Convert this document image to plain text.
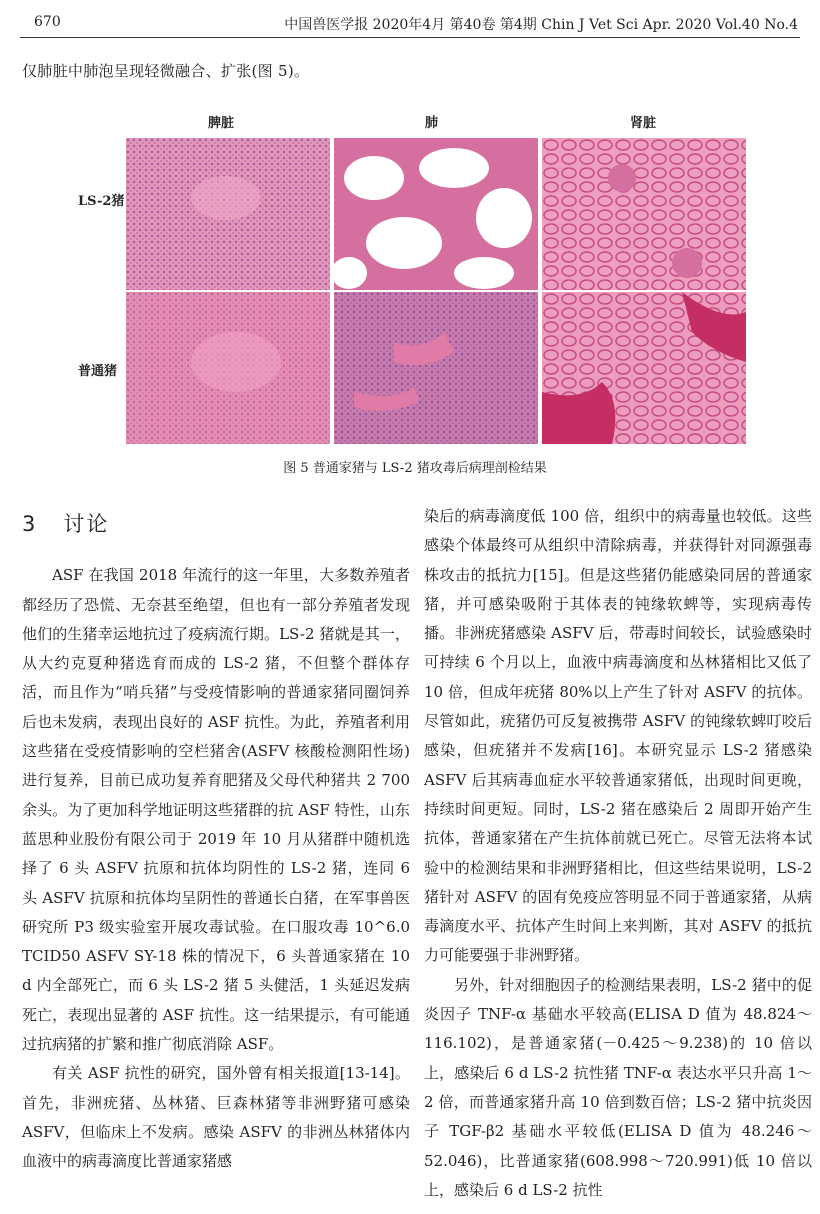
670	中国兽医学报 2020年4月 第40卷 第4期 Chin J Vet Sci Apr. 2020 Vol.40 No.4
仅肺脏中肺泡呈现轻微融合、扩张(图 5)。
脾脏	肺	肾脏
LS-2猪
普通猪
图 5 普通家猪与 LS-2 猪攻毒后病理剖检结果
3 讨论

ASF 在我国 2018 年流行的这一年里，大多数养殖者都经历了恐慌、无奈甚至绝望，但也有一部分养殖者发现他们的生猪幸运地抗过了疫病流行期。LS-2 猪就是其一，从大约克夏种猪选育而成的 LS-2 猪，不但整个群体存活，而且作为“哨兵猪”与受疫情影响的普通家猪同圈饲养后也未发病，表现出良好的 ASF 抗性。为此，养殖者利用这些猪在受疫情影响的空栏猪舍(ASFV 核酸检测阳性场)进行复养，目前已成功复养育肥猪及父母代种猪共 2 700 余头。为了更加科学地证明这些猪群的抗 ASF 特性，山东蓝思种业股份有限公司于 2019 年 10 月从猪群中随机选择了 6 头 ASFV 抗原和抗体均阴性的 LS-2 猪，连同 6 头 ASFV 抗原和抗体均呈阴性的普通长白猪，在军事兽医研究所 P3 级实验室开展攻毒试验。在口服攻毒 10^6.0 TCID50 ASFV SY-18 株的情况下，6 头普通家猪在 10 d 内全部死亡，而 6 头 LS-2 猪 5 头健活，1 头延迟发病死亡，表现出显著的 ASF 抗性。这一结果提示，有可能通过抗病猪的扩繁和推广彻底消除 ASF。

有关 ASF 抗性的研究，国外曾有相关报道[13-14]。首先，非洲疣猪、丛林猪、巨森林猪等非洲野猪可感染 ASFV，但临床上不发病。感染 ASFV 的非洲丛林猪体内血液中的病毒滴度比普通家猪感

染后的病毒滴度低 100 倍，组织中的病毒量也较低。这些感染个体最终可从组织中清除病毒，并获得针对同源强毒株攻击的抵抗力[15]。但是这些猪仍能感染同居的普通家猪，并可感染吸附于其体表的钝缘软蜱等，实现病毒传播。非洲疣猪感染 ASFV 后，带毒时间较长，试验感染时可持续 6 个月以上，血液中病毒滴度和丛林猪相比又低了 10 倍，但成年疣猪 80%以上产生了针对 ASFV 的抗体。尽管如此，疣猪仍可反复被携带 ASFV 的钝缘软蜱叮咬后感染，但疣猪并不发病[16]。本研究显示 LS-2 猪感染 ASFV 后其病毒血症水平较普通家猪低，出现时间更晚，持续时间更短。同时，LS-2 猪在感染后 2 周即开始产生抗体，普通家猪在产生抗体前就已死亡。尽管无法将本试验中的检测结果和非洲野猪相比，但这些结果说明，LS-2 猪针对 ASFV 的固有免疫应答明显不同于普通家猪，从病毒滴度水平、抗体产生时间上来判断，其对 ASFV 的抵抗力可能要强于非洲野猪。

另外，针对细胞因子的检测结果表明，LS-2 猪中的促炎因子 TNF-α 基础水平较高(ELISA D 值为 48.824～116.102)，是普通家猪(－0.425～9.238)的 10 倍以上，感染后 6 d LS-2 抗性猪 TNF-α 表达水平只升高 1～2 倍，而普通家猪升高 10 倍到数百倍；LS-2 猪中抗炎因子 TGF-β2 基础水平较低(ELISA D 值为 48.246～52.046)，比普通家猪(608.998～720.991)低 10 倍以上，感染后 6 d LS-2 抗性
